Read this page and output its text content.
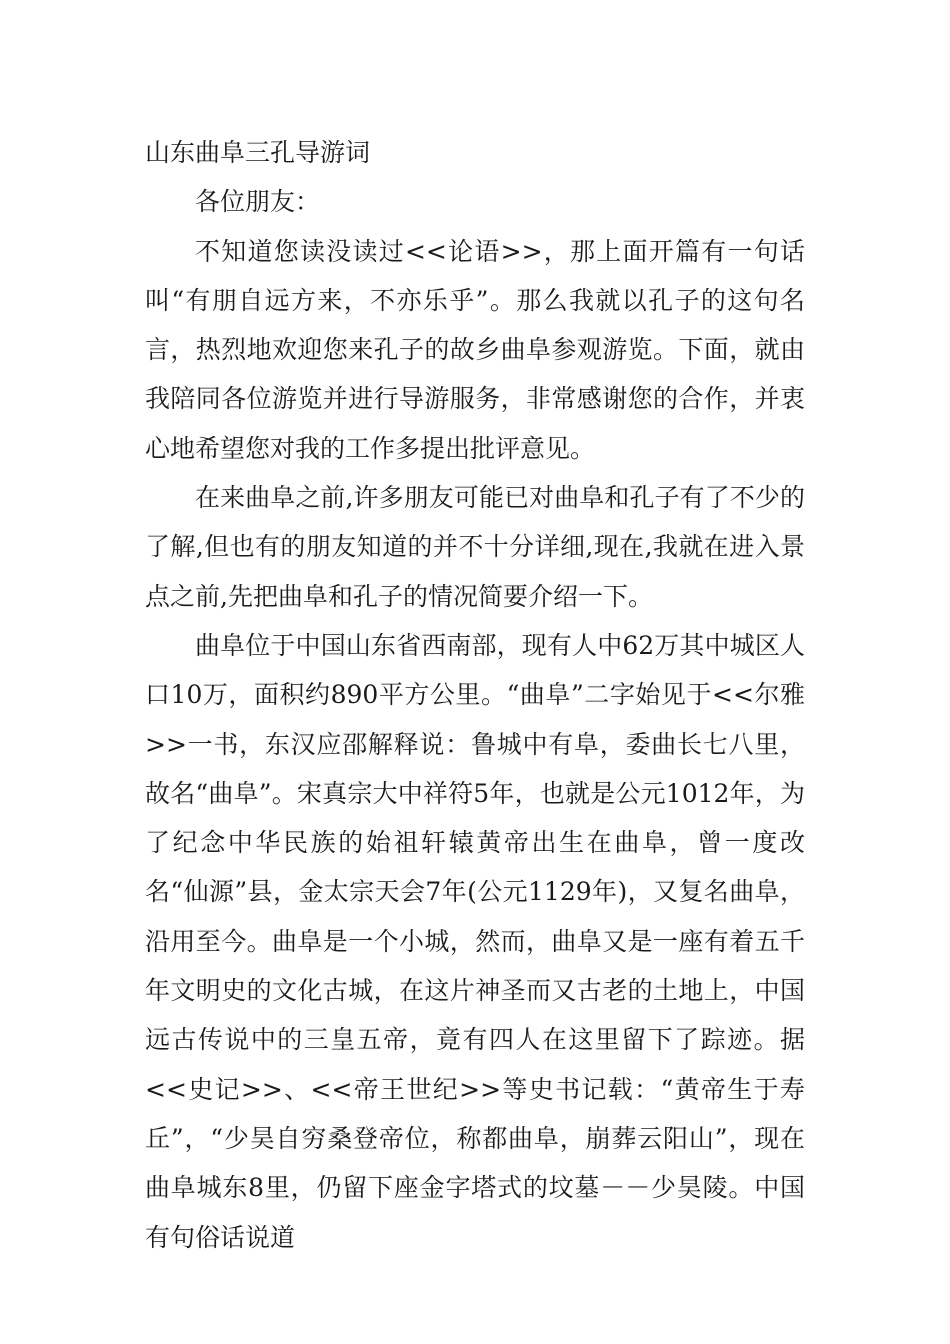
山东曲阜三孔导游词

各位朋友：

不知道您读没读过<<论语>>，那上面开篇有一句话叫“有朋自远方来，不亦乐乎”。那么我就以孔子的这句名言，热烈地欢迎您来孔子的故乡曲阜参观游览。下面，就由我陪同各位游览并进行导游服务，非常感谢您的合作，并衷心地希望您对我的工作多提出批评意见。

在来曲阜之前,许多朋友可能已对曲阜和孔子有了不少的了解,但也有的朋友知道的并不十分详细,现在,我就在进入景点之前,先把曲阜和孔子的情况简要介绍一下。

曲阜位于中国山东省西南部，现有人中62万其中城区人口10万，面积约890平方公里。“曲阜”二字始见于<<尔雅>>一书，东汉应邵解释说：鲁城中有阜，委曲长七八里，故名“曲阜”。宋真宗大中祥符5年，也就是公元1012年，为了纪念中华民族的始祖轩辕黄帝出生在曲阜，曾一度改名“仙源”县，金太宗天会7年(公元1129年)，又复名曲阜，沿用至今。曲阜是一个小城，然而，曲阜又是一座有着五千年文明史的文化古城，在这片神圣而又古老的土地上，中国远古传说中的三皇五帝，竟有四人在这里留下了踪迹。据<<史记>>、<<帝王世纪>>等史书记载：“黄帝生于寿丘”，“少昊自穷桑登帝位，称都曲阜，崩葬云阳山”，现在曲阜城东8里，仍留下座金字塔式的坟墓－－少昊陵。中国有句俗话说道
